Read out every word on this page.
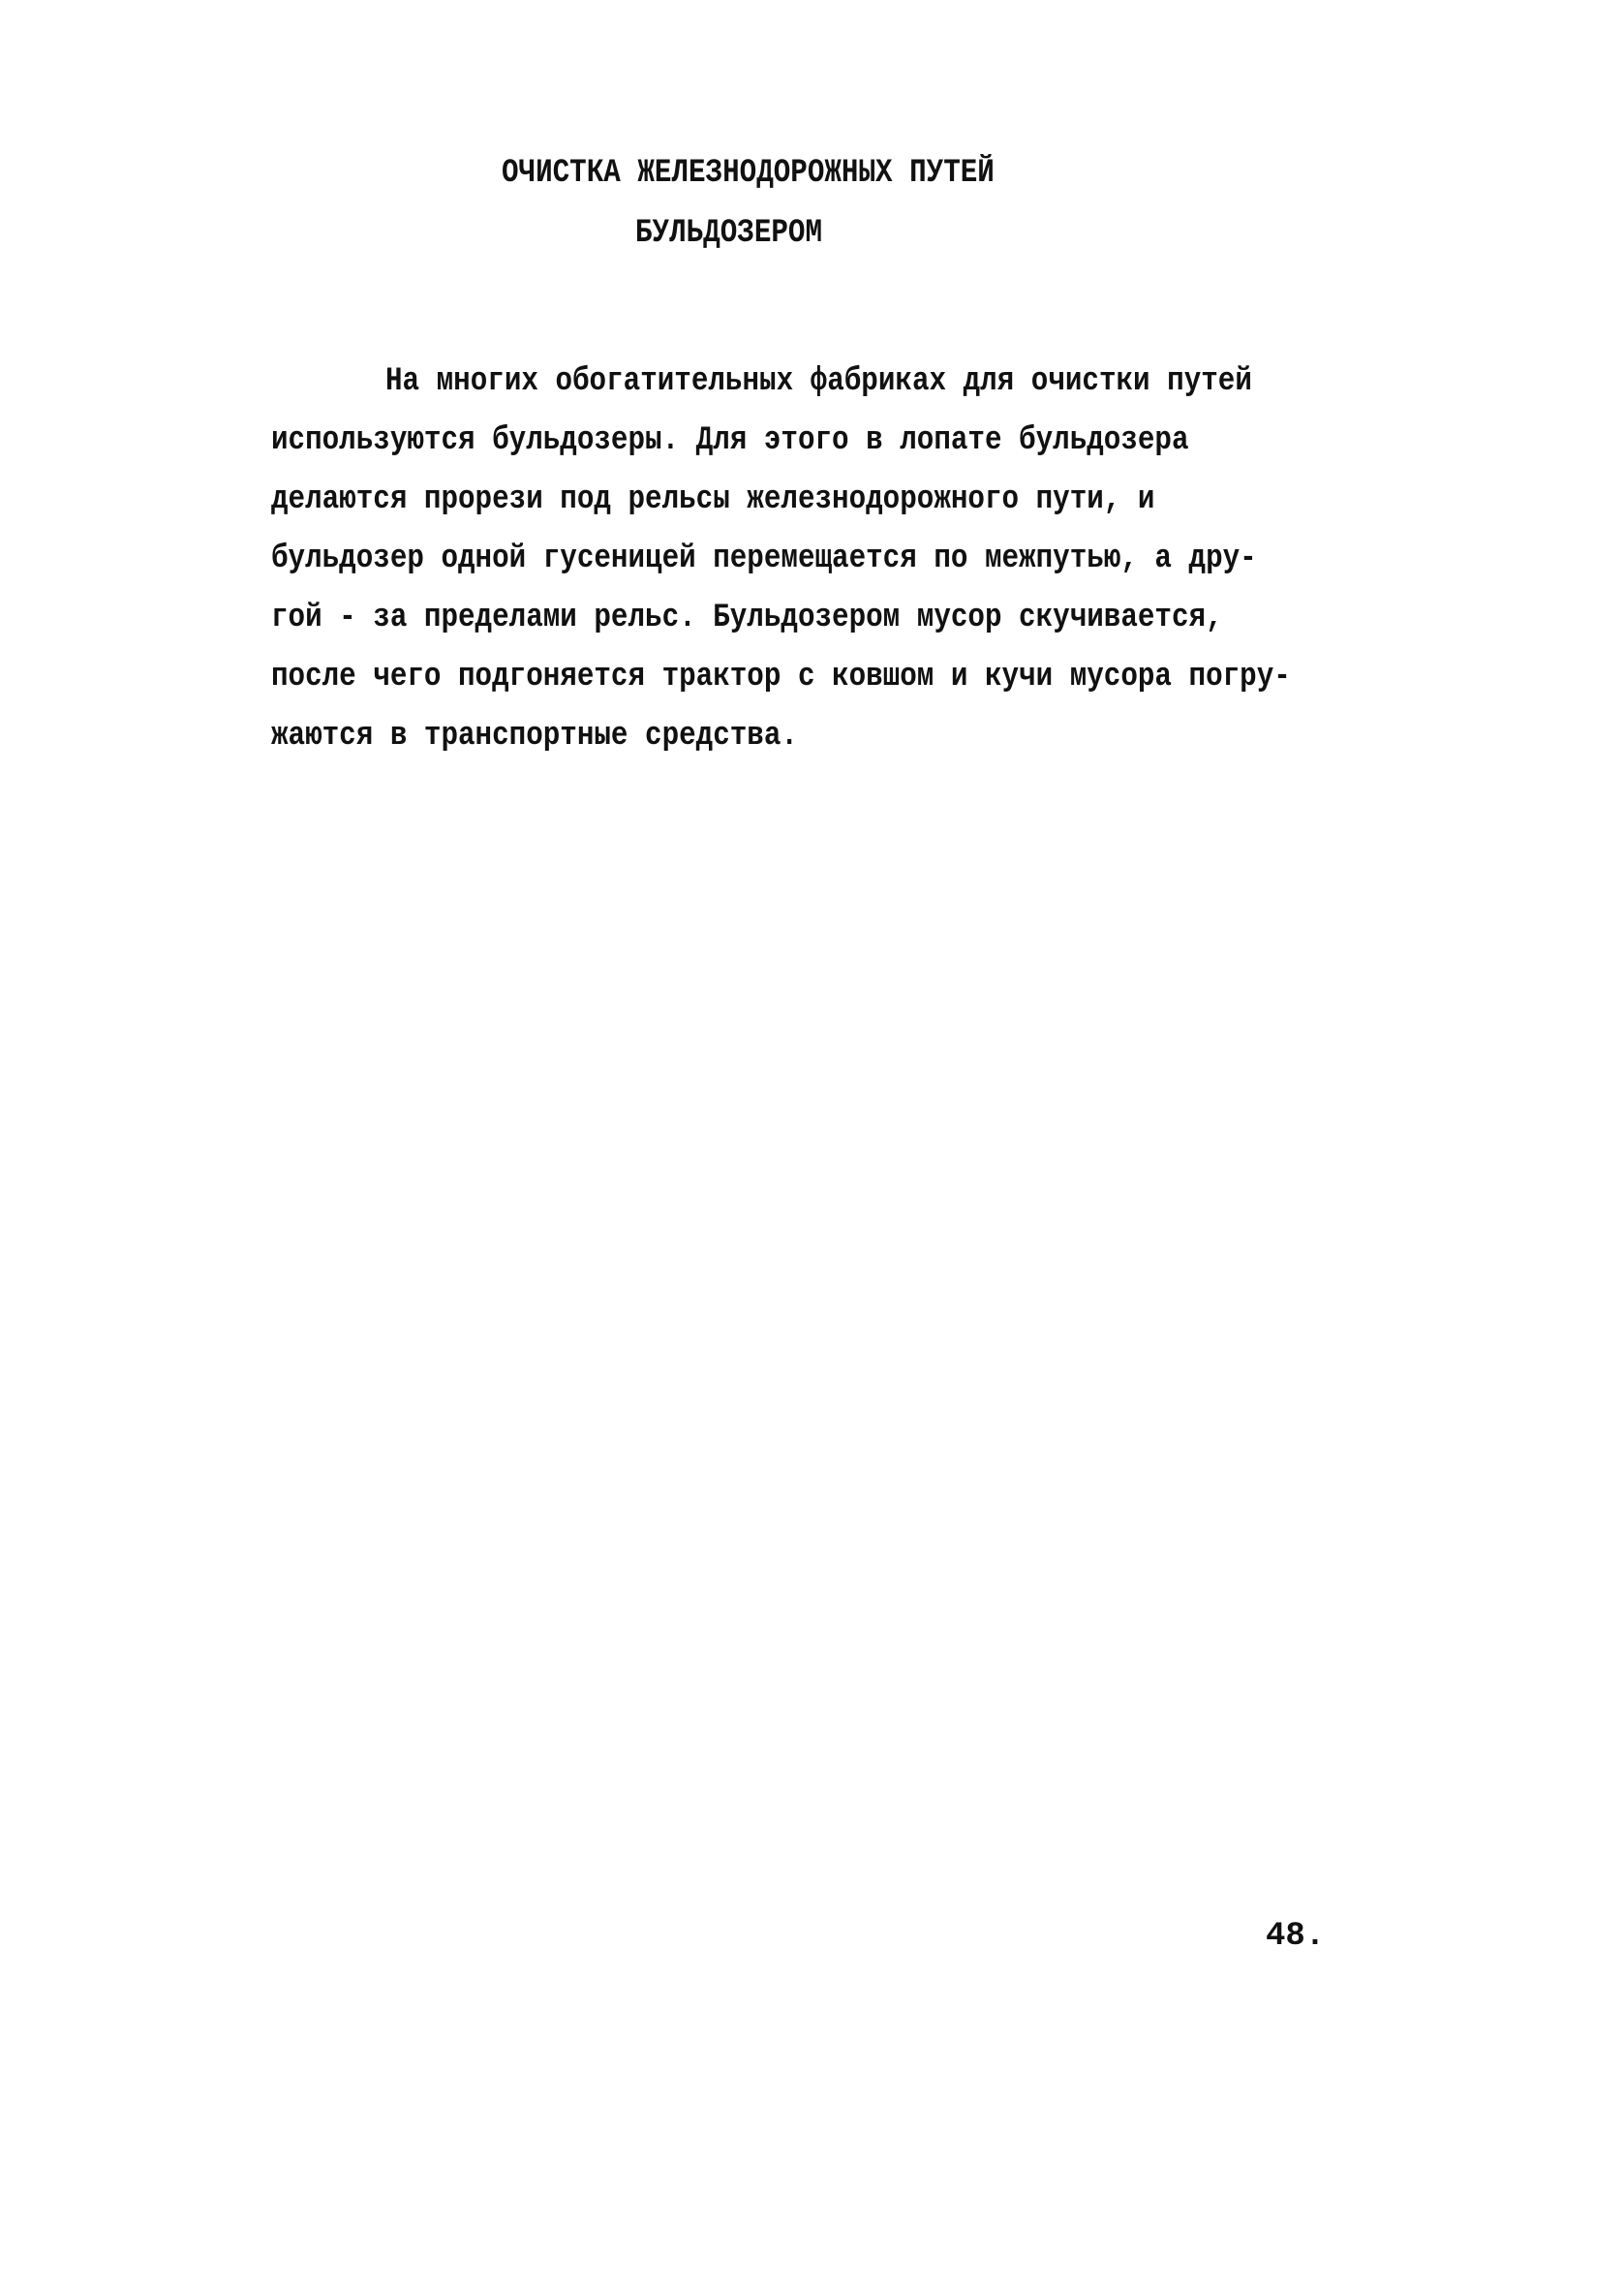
ОЧИСТКА ЖЕЛЕЗНОДОРОЖНЫХ ПУТЕЙ
БУЛЬДОЗЕРОМ
На многих обогатительных фабриках для очистки путей
используются бульдозеры. Для этого в лопате бульдозера
делаются прорези под рельсы железнодорожного пути, и
бульдозер одной гусеницей перемещается по межпутью, а дру-
гой - за пределами рельс. Бульдозером мусор скучивается,
после чего подгоняется трактор с ковшом и кучи мусора погру-
жаются в транспортные средства.
48.
